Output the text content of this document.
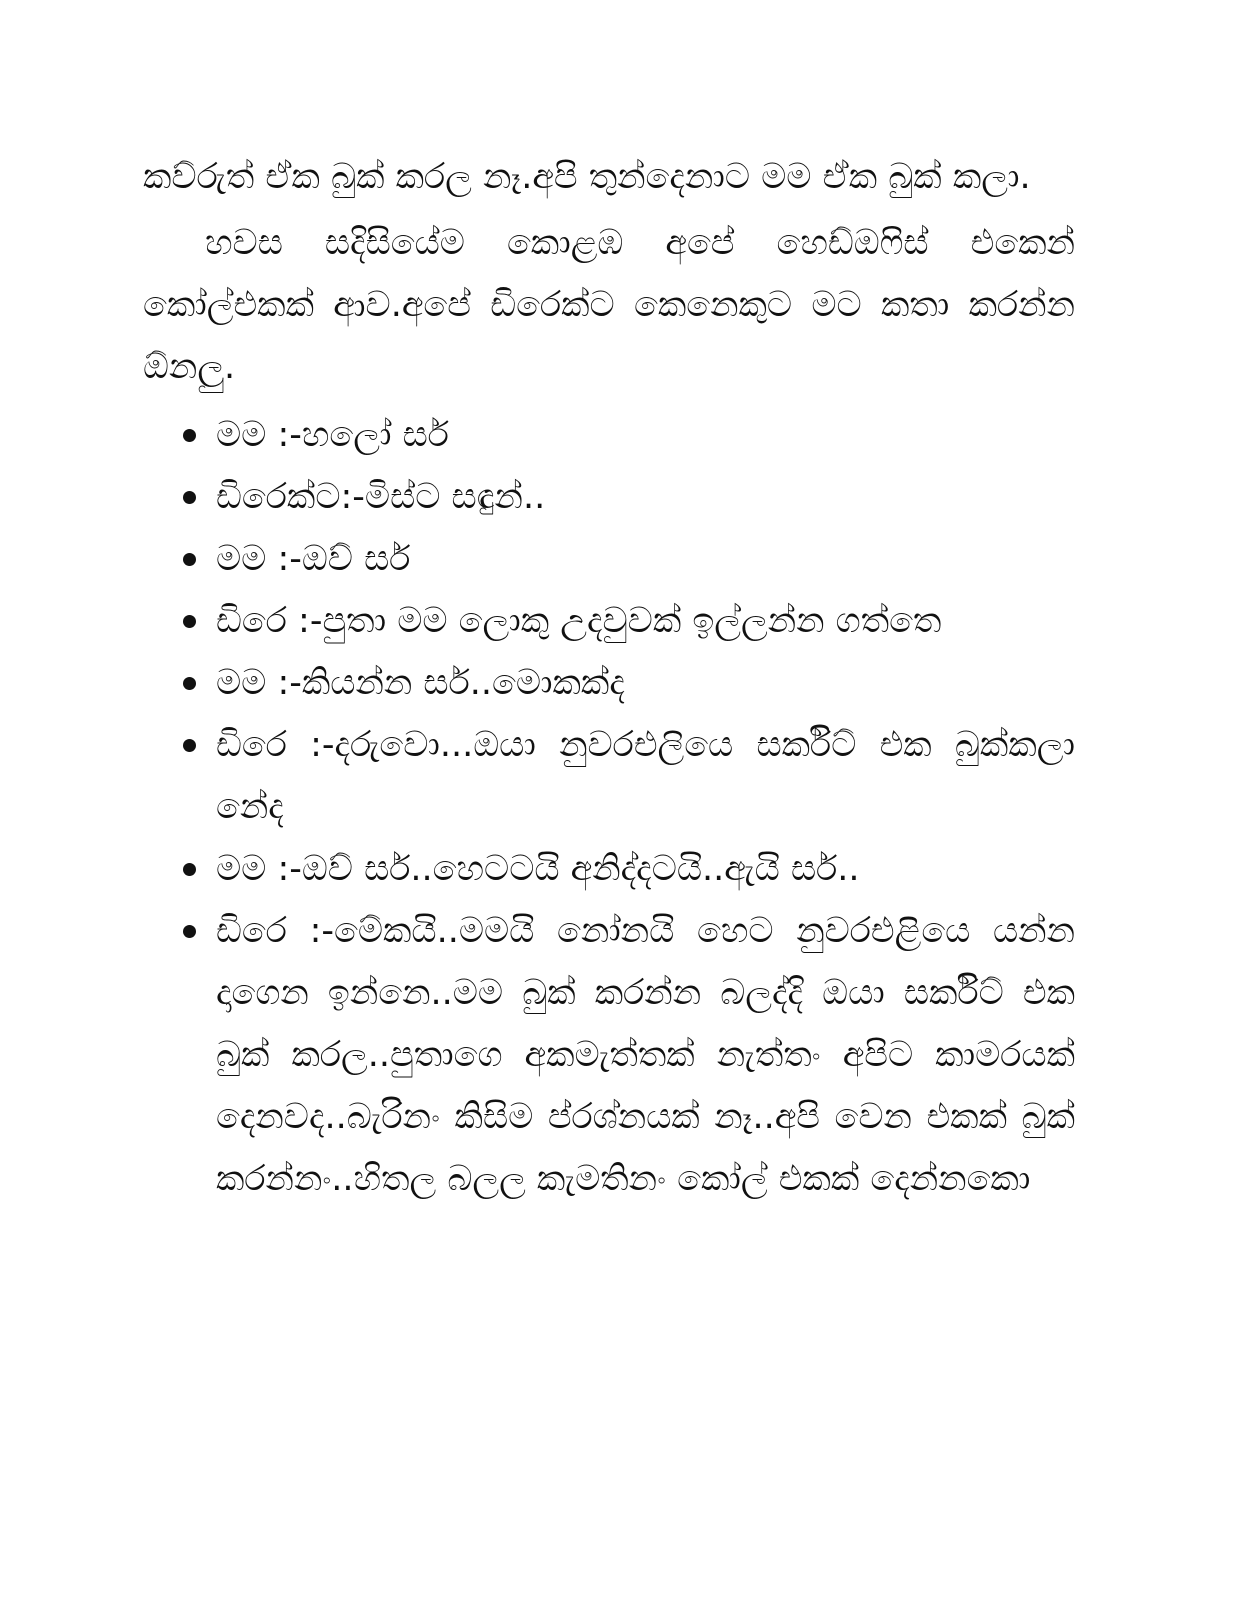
කව්රුත් ඒක බුක් කරල නෑ.අපි තුන්දෙනාට මම ඒක බුක් කලා.

හවස සදිසියේම කොළඹ අපේ හෙඩ්ඔෆිස් එකෙන් කෝල්එකක් ආව.අපේ ඩිරෙක්ට කෙනෙකුට මට කතා කරන්න ඕනලු.

මම :-හලෝ සර්
ඩිරෙක්ට:-මිස්ට සඳුන්..
මම :-ඔව් සර්
ඩිරෙ :-පුතා මම ලොකු උදවුවක් ඉල්ලන්න ගත්තෙ
මම :-කියන්න සර්..මොකක්ද
ඩිරෙ :-දරුවො...ඔයා නුවරඑලියෙ සර්කිට් එක බුක්කලා නේද
මම :-ඔව් සර්..හෙටටයි අනිද්දටයි..ඇයි සර්..
ඩිරෙ :-මේකයි..මමයි නෝනයි හෙට නුවරඑළියෙ යන්න දාගෙන ඉන්නෙ..මම බුක් කරන්න බලද්දි ඔයා සර්කිට් එක බුක් කරල..පුතාගෙ අකමැත්තක් නැත්තං අපිට කාමරයක් දෙනවද..බැරිනං කිසිම ප්රශ්නයක් නෑ..අපි වෙන එකක් බුක් කරන්නං..හිතල බලල කැමතිනං කෝල් එකක් දෙන්නකො
